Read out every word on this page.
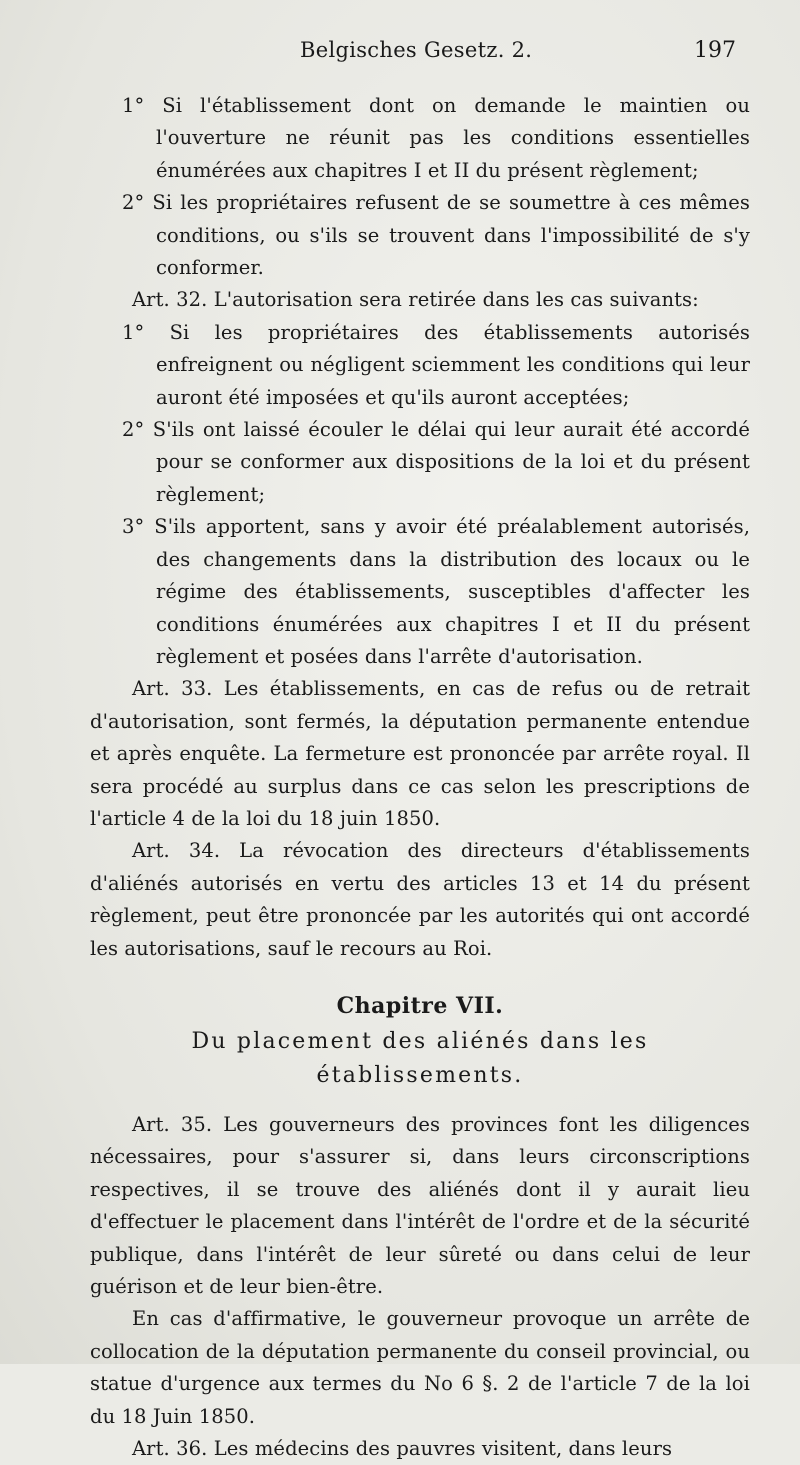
Belgisches Gesetz. 2.	197

1° Si l'établissement dont on demande le maintien ou l'ouverture ne réunit pas les conditions essentielles énumérées aux chapitres I et II du présent règlement;

2° Si les propriétaires refusent de se soumettre à ces mêmes conditions, ou s'ils se trouvent dans l'impossibilité de s'y conformer.

Art. 32. L'autorisation sera retirée dans les cas suivants:

1° Si les propriétaires des établissements autorisés enfreignent ou négligent sciemment les conditions qui leur auront été imposées et qu'ils auront acceptées;

2° S'ils ont laissé écouler le délai qui leur aurait été accordé pour se conformer aux dispositions de la loi et du présent règlement;

3° S'ils apportent, sans y avoir été préalablement autorisés, des changements dans la distribution des locaux ou le régime des établissements, susceptibles d'affecter les conditions énumérées aux chapitres I et II du présent règlement et posées dans l'arrête d'autorisation.

Art. 33. Les établissements, en cas de refus ou de retrait d'autorisation, sont fermés, la députation permanente entendue et après enquête. La fermeture est prononcée par arrête royal. Il sera procédé au surplus dans ce cas selon les prescriptions de l'article 4 de la loi du 18 juin 1850.

Art. 34. La révocation des directeurs d'établissements d'aliénés autorisés en vertu des articles 13 et 14 du présent règlement, peut être prononcée par les autorités qui ont accordé les autorisations, sauf le recours au Roi.

Chapitre VII.
Du placement des aliénés dans les établissements.

Art. 35. Les gouverneurs des provinces font les diligences nécessaires, pour s'assurer si, dans leurs circonscriptions respectives, il se trouve des aliénés dont il y aurait lieu d'effectuer le placement dans l'intérêt de l'ordre et de la sécurité publique, dans l'intérêt de leur sûreté ou dans celui de leur guérison et de leur bien-être.

En cas d'affirmative, le gouverneur provoque un arrête de collocation de la députation permanente du conseil provincial, ou statue d'urgence aux termes du No 6 §. 2 de l'article 7 de la loi du 18 Juin 1850.

Art. 36. Les médecins des pauvres visitent, dans leurs
